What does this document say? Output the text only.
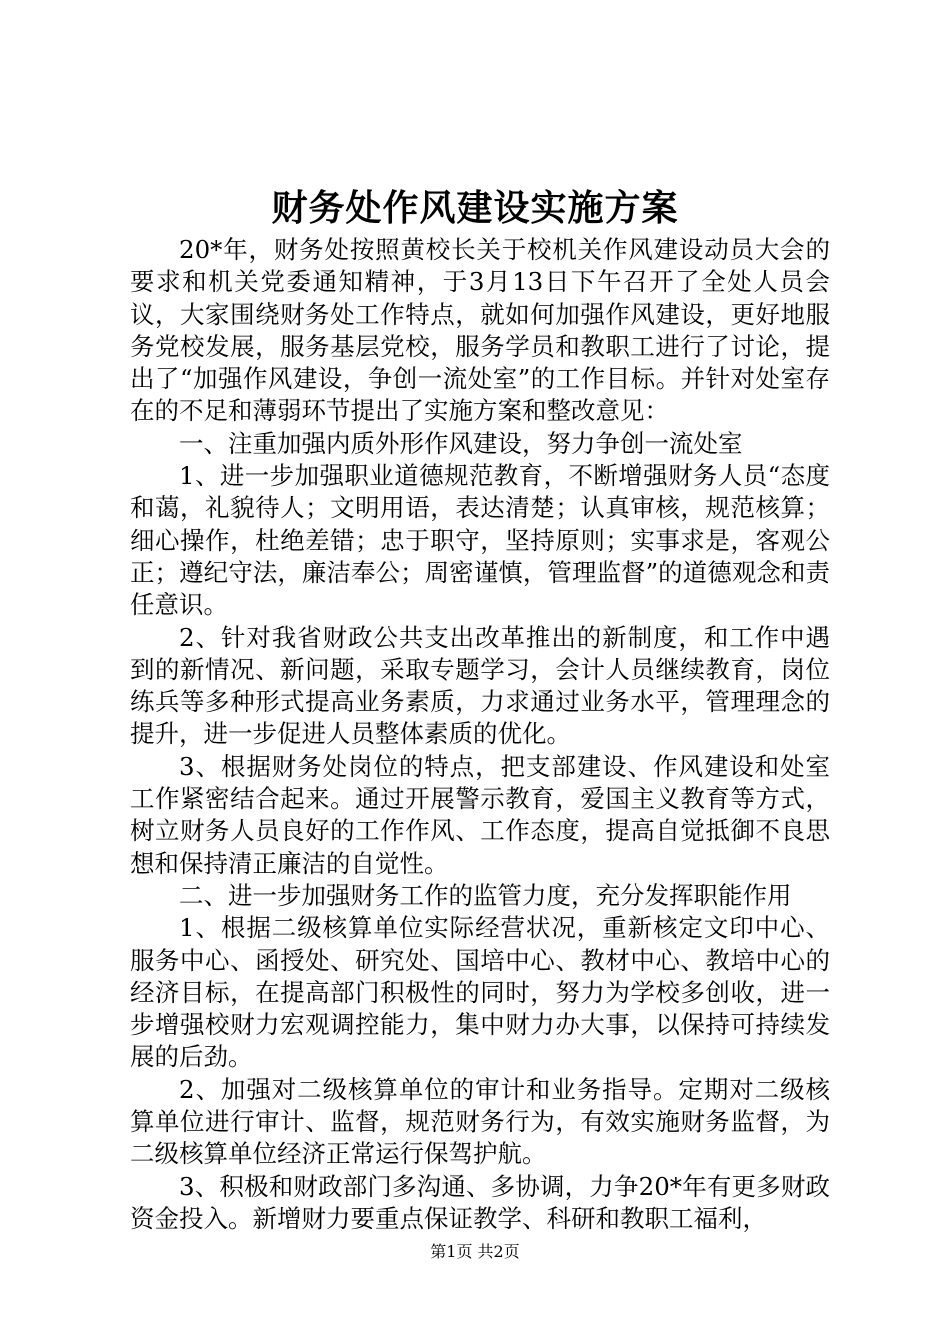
财务处作风建设实施方案

20*年，财务处按照黄校长关于校机关作风建设动员大会的要求和机关党委通知精神，于3月13日下午召开了全处人员会议，大家围绕财务处工作特点，就如何加强作风建设，更好地服务党校发展，服务基层党校，服务学员和教职工进行了讨论，提出了“加强作风建设，争创一流处室”的工作目标。并针对处室存在的不足和薄弱环节提出了实施方案和整改意见：

一、注重加强内质外形作风建设，努力争创一流处室

1、进一步加强职业道德规范教育，不断增强财务人员“态度和蔼，礼貌待人；文明用语，表达清楚；认真审核，规范核算；细心操作，杜绝差错；忠于职守，坚持原则；实事求是，客观公正；遵纪守法，廉洁奉公；周密谨慎，管理监督”的道德观念和责任意识。

2、针对我省财政公共支出改革推出的新制度，和工作中遇到的新情况、新问题，采取专题学习，会计人员继续教育，岗位练兵等多种形式提高业务素质，力求通过业务水平，管理理念的提升，进一步促进人员整体素质的优化。

3、根据财务处岗位的特点，把支部建设、作风建设和处室工作紧密结合起来。通过开展警示教育，爱国主义教育等方式，树立财务人员良好的工作作风、工作态度，提高自觉抵御不良思想和保持清正廉洁的自觉性。

二、进一步加强财务工作的监管力度，充分发挥职能作用

1、根据二级核算单位实际经营状况，重新核定文印中心、服务中心、函授处、研究处、国培中心、教材中心、教培中心的经济目标，在提高部门积极性的同时，努力为学校多创收，进一步增强校财力宏观调控能力，集中财力办大事，以保持可持续发展的后劲。

2、加强对二级核算单位的审计和业务指导。定期对二级核算单位进行审计、监督，规范财务行为，有效实施财务监督，为二级核算单位经济正常运行保驾护航。

3、积极和财政部门多沟通、多协调，力争20*年有更多财政资金投入。新增财力要重点保证教学、科研和教职工福利，

第1页 共2页
